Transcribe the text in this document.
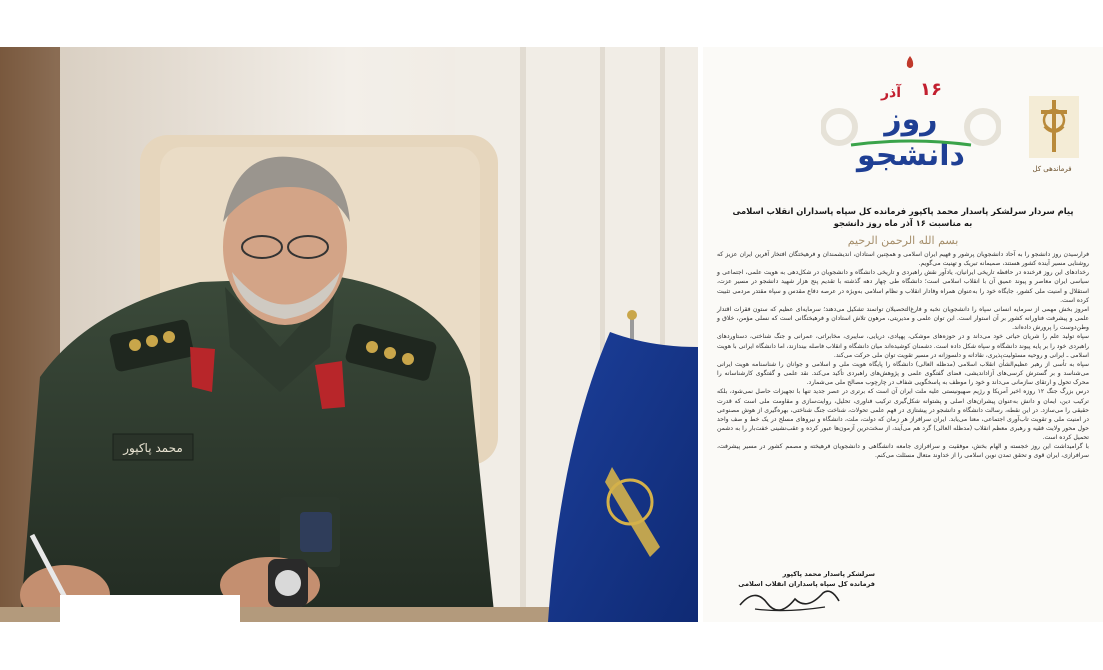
محمد پاکپور
فرماندهی کل
۱۶
آذر
روز
دانشجو
پیام سردار سرلشکر پاسدار محمد پاکپور فرمانده کل سپاه پاسداران انقلاب اسلامی
به مناسبت ۱۶ آذر ماه روز دانشجو
بسم الله الرحمن الرحیم

فرارسیدن روز دانشجو را به آحاد دانشجویان پرشور و فهیم ایران اسلامی و همچنین استادان، اندیشمندان و فرهیختگان افتخار آفرین ایران عزیز که روشنایی مسیر آینده کشور هستند، صمیمانه تبریک و تهنیت می‌گویم.

رخدادهای این روز فرخنده در حافظه تاریخی ایرانیان، یادآور نقش راهبردی و تاریخی دانشگاه و دانشجویان در شکل‌دهی به هویت علمی، اجتماعی و سیاسی ایران معاصر و پیوند عمیق آن با انقلاب اسلامی است؛ دانشگاه طی چهار دهه گذشته با تقدیم پنج هزار شهید دانشجو در مسیر عزت، استقلال و امنیت ملی کشور، جایگاه خود را به‌عنوان همراه وفادار انقلاب و نظام اسلامی به‌ویژه در عرصه دفاع مقدس و سپاه مقتدر مردمی تثبیت کرده است.

امروز بخش مهمی از سرمایه انسانی سپاه را دانشجویان نخبه و فارغ‌التحصیلان توانمند تشکیل می‌دهند؛ سرمایه‌ای عظیم که ستون فقرات اقتدار علمی و پیشرفت فناورانه کشور بر آن استوار است. این توان علمی و مدیریتی، مرهون تلاش استادان و فرهیختگانی است که نسلی مؤمن، خلاق و وطن‌دوست را پرورش داده‌اند.

سپاه تولید علم را شریان حیاتی خود می‌داند و در حوزه‌های موشکی، پهپادی، دریایی، سایبری، مخابراتی، عمرانی و جنگ شناختی، دستاوردهای راهبردی خود را بر پایه پیوند دانشگاه و سپاه شکل داده است. دشمنان کوشیده‌اند میان دانشگاه و انقلاب فاصله بیندازند، اما دانشگاه ایرانی با هویت اسلامی ـ ایرانی و روحیه مسئولیت‌پذیری، نقادانه و دلسوزانه در مسیر تقویت توان ملی حرکت می‌کند.

سپاه به تأسی از رهبر عظیم‌الشأن انقلاب اسلامی (مدظله العالی) دانشگاه را پایگاه هویت ملی و اسلامی و جوانان را شناسنامه هویت ایرانی می‌شناسد و بر گسترش کرسی‌های آزاداندیشی، فضای گفتگوی علمی و پژوهش‌های راهبردی تأکید می‌کند. نقد علمی و گفتگوی کارشناسانه را محرک تحول و ارتقای سازمانی می‌داند و خود را موظف به پاسخگویی شفاف در چارچوب مصالح ملی می‌شمارد.

درس بزرگ جنگ ۱۲ روزه اخیر آمریکا و رژیم صهیونیستی علیه ملت ایران آن است که برتری در عصر جدید تنها با تجهیزات حاصل نمی‌شود، بلکه ترکیب دین، ایمان و دانش به‌عنوان پیشران‌های اصلی و پشتوانه شکل‌گیری ترکیب فناوری، تحلیل، روایت‌سازی و مقاومت ملی است که قدرت حقیقی را می‌سازد. در این نقطه، رسالت دانشگاه و دانشجو در پیشتازی در فهم علمی تحولات، شناخت جنگ شناختی، بهره‌گیری از هوش مصنوعی در امنیت ملی و تقویت تاب‌آوری اجتماعی، معنا می‌یابد. ایران سرافراز هر زمان که دولت، ملت، دانشگاه و نیروهای مسلح در یک خط و صف واحد حول محور ولایت فقیه و رهبری معظم انقلاب (مدظله العالی) گرد هم می‌آیند، از سخت‌ترین آزمون‌ها عبور کرده و عقب‌نشینی خفت‌بار را به دشمن تحمیل کرده است.

با گرامیداشت این روز خجسته و الهام بخش، موفقیت و سرافرازی جامعه دانشگاهی و دانشجویان فرهیخته و مصمم کشور در مسیر پیشرفت، سرافرازی، ایران قوی و تحقق تمدن نوین اسلامی را از خداوند متعال مسئلت می‌کنم.

سرلشکر پاسدار محمد پاکپور
فرمانده کل سپاه پاسداران انقلاب اسلامی
